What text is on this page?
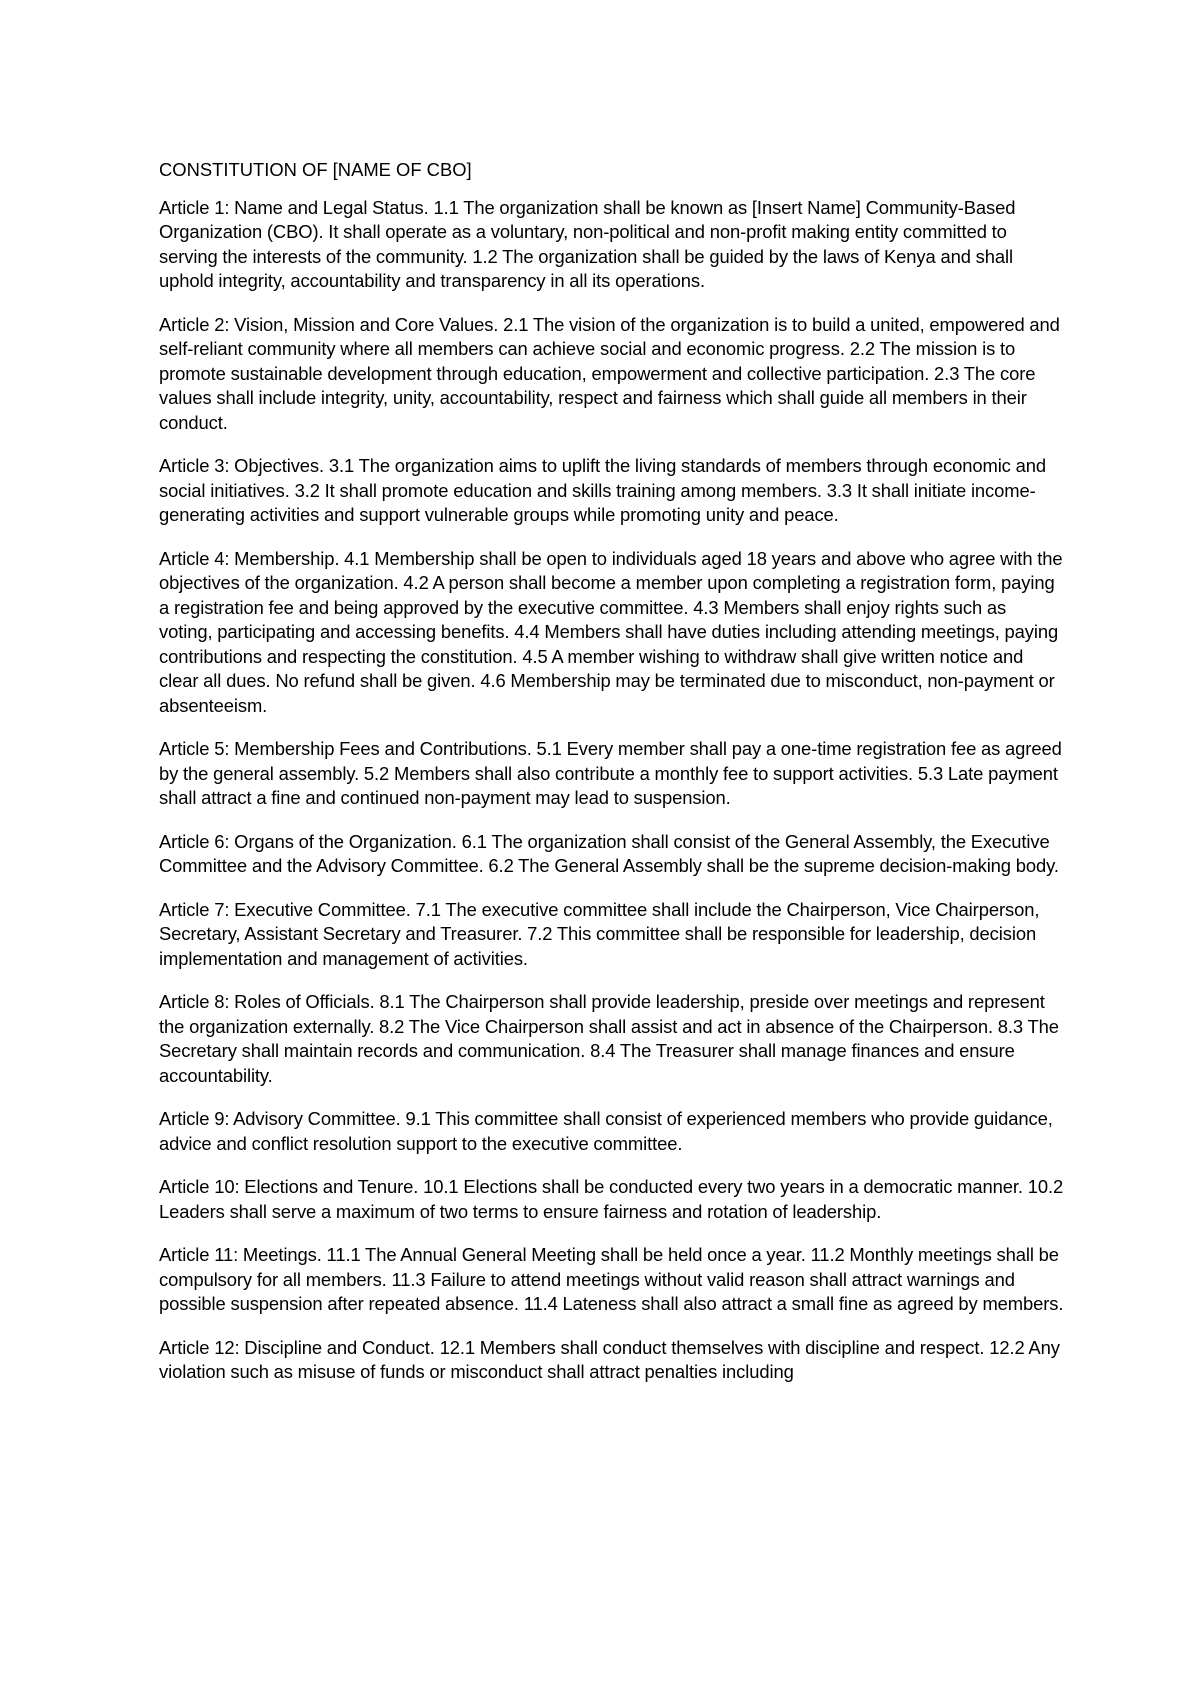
CONSTITUTION OF [NAME OF CBO]

Article 1: Name and Legal Status. 1.1 The organization shall be known as [Insert Name] Community-Based Organization (CBO). It shall operate as a voluntary, non-political and non-profit making entity committed to serving the interests of the community. 1.2 The organization shall be guided by the laws of Kenya and shall uphold integrity, accountability and transparency in all its operations.

Article 2: Vision, Mission and Core Values. 2.1 The vision of the organization is to build a united, empowered and self-reliant community where all members can achieve social and economic progress. 2.2 The mission is to promote sustainable development through education, empowerment and collective participation. 2.3 The core values shall include integrity, unity, accountability, respect and fairness which shall guide all members in their conduct.

Article 3: Objectives. 3.1 The organization aims to uplift the living standards of members through economic and social initiatives. 3.2 It shall promote education and skills training among members. 3.3 It shall initiate income-generating activities and support vulnerable groups while promoting unity and peace.

Article 4: Membership. 4.1 Membership shall be open to individuals aged 18 years and above who agree with the objectives of the organization. 4.2 A person shall become a member upon completing a registration form, paying a registration fee and being approved by the executive committee. 4.3 Members shall enjoy rights such as voting, participating and accessing benefits. 4.4 Members shall have duties including attending meetings, paying contributions and respecting the constitution. 4.5 A member wishing to withdraw shall give written notice and clear all dues. No refund shall be given. 4.6 Membership may be terminated due to misconduct, non-payment or absenteeism.

Article 5: Membership Fees and Contributions. 5.1 Every member shall pay a one-time registration fee as agreed by the general assembly. 5.2 Members shall also contribute a monthly fee to support activities. 5.3 Late payment shall attract a fine and continued non-payment may lead to suspension.

Article 6: Organs of the Organization. 6.1 The organization shall consist of the General Assembly, the Executive Committee and the Advisory Committee. 6.2 The General Assembly shall be the supreme decision-making body.

Article 7: Executive Committee. 7.1 The executive committee shall include the Chairperson, Vice Chairperson, Secretary, Assistant Secretary and Treasurer. 7.2 This committee shall be responsible for leadership, decision implementation and management of activities.

Article 8: Roles of Officials. 8.1 The Chairperson shall provide leadership, preside over meetings and represent the organization externally. 8.2 The Vice Chairperson shall assist and act in absence of the Chairperson. 8.3 The Secretary shall maintain records and communication. 8.4 The Treasurer shall manage finances and ensure accountability.

Article 9: Advisory Committee. 9.1 This committee shall consist of experienced members who provide guidance, advice and conflict resolution support to the executive committee.

Article 10: Elections and Tenure. 10.1 Elections shall be conducted every two years in a democratic manner. 10.2 Leaders shall serve a maximum of two terms to ensure fairness and rotation of leadership.

Article 11: Meetings. 11.1 The Annual General Meeting shall be held once a year. 11.2 Monthly meetings shall be compulsory for all members. 11.3 Failure to attend meetings without valid reason shall attract warnings and possible suspension after repeated absence. 11.4 Lateness shall also attract a small fine as agreed by members.

Article 12: Discipline and Conduct. 12.1 Members shall conduct themselves with discipline and respect. 12.2 Any violation such as misuse of funds or misconduct shall attract penalties including
